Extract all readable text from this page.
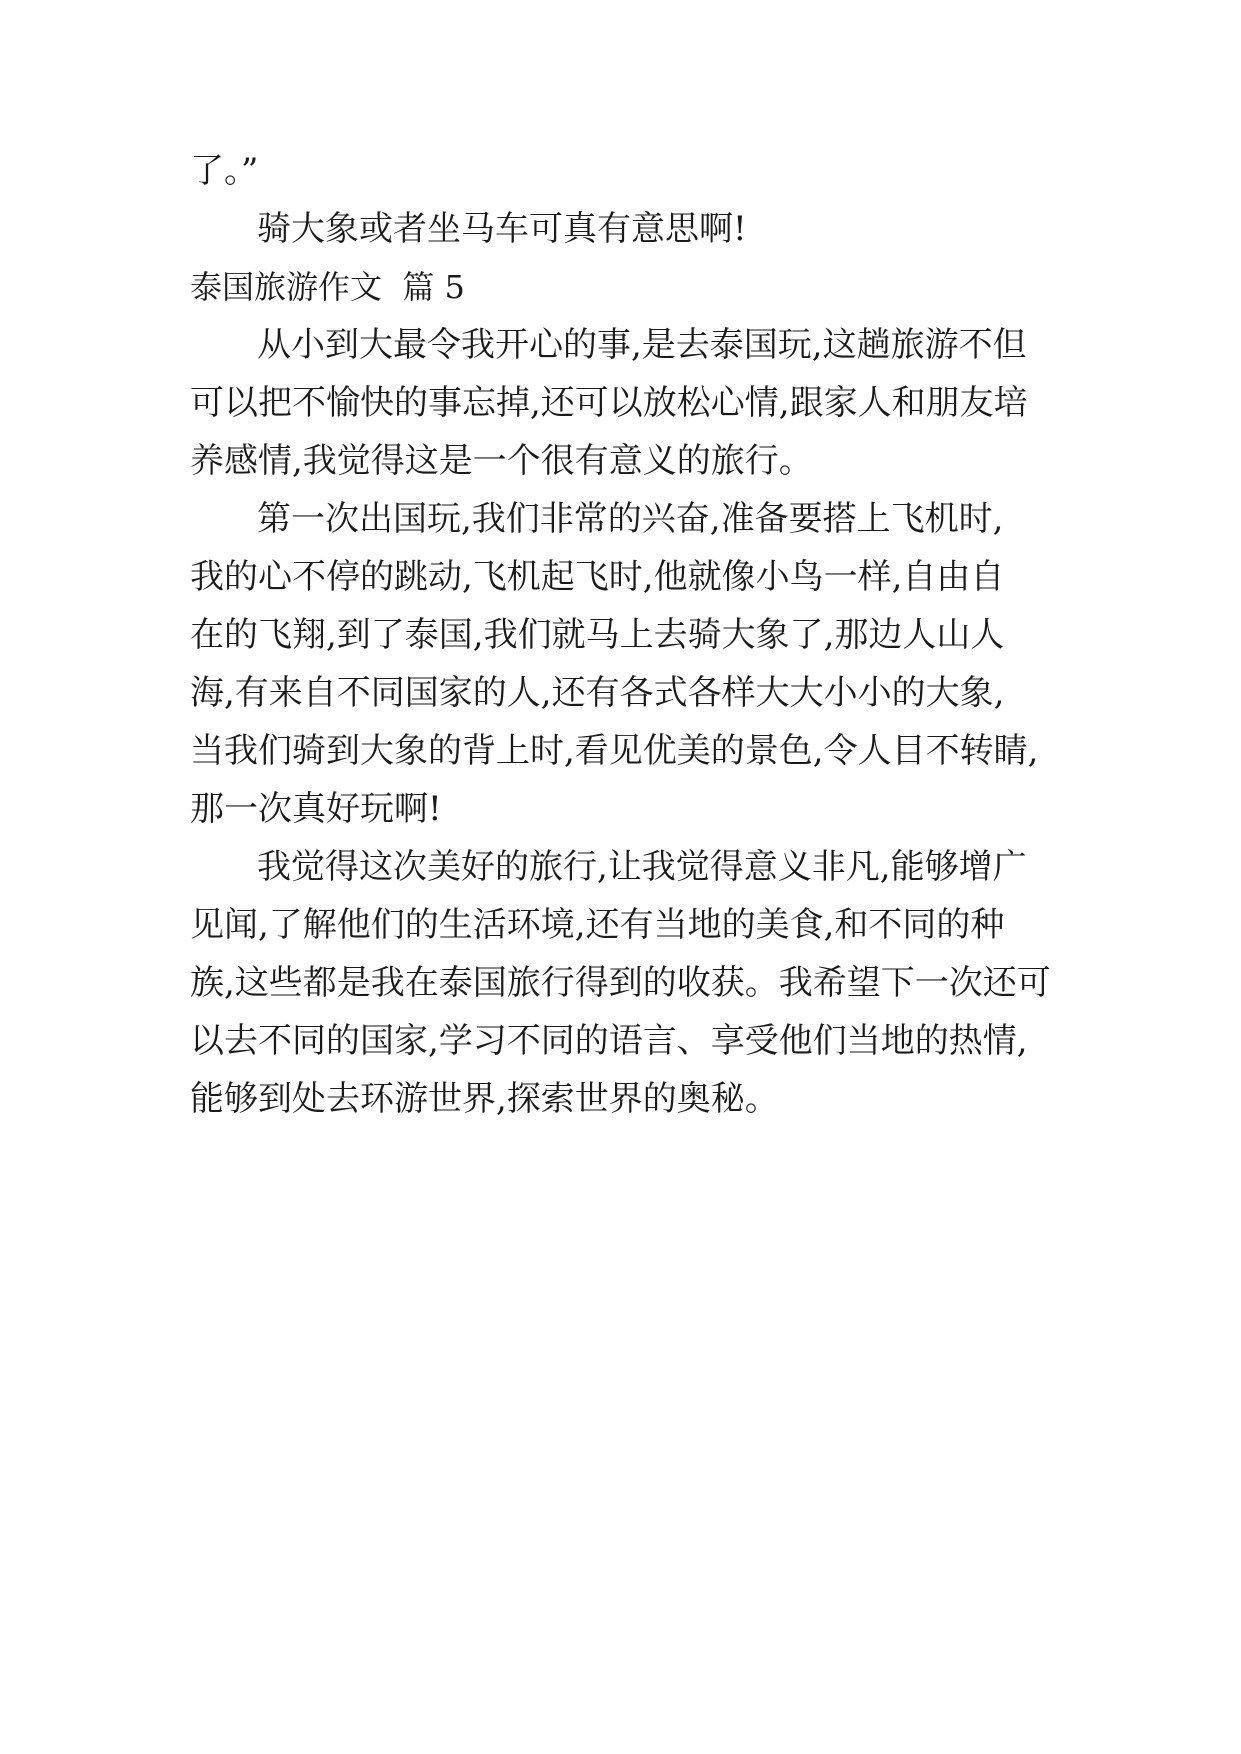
了。”
骑大象或者坐马车可真有意思啊!
泰国旅游作文  篇 5
从小到大最令我开心的事,是去泰国玩,这趟旅游不但
可以把不愉快的事忘掉,还可以放松心情,跟家人和朋友培
养感情,我觉得这是一个很有意义的旅行。
第一次出国玩,我们非常的兴奋,准备要搭上飞机时,
我的心不停的跳动,飞机起飞时,他就像小鸟一样,自由自
在的飞翔,到了泰国,我们就马上去骑大象了,那边人山人
海,有来自不同国家的人,还有各式各样大大小小的大象,
当我们骑到大象的背上时,看见优美的景色,令人目不转睛,
那一次真好玩啊!
我觉得这次美好的旅行,让我觉得意义非凡,能够增广
见闻,了解他们的生活环境,还有当地的美食,和不同的种
族,这些都是我在泰国旅行得到的收获。我希望下一次还可
以去不同的国家,学习不同的语言、享受他们当地的热情,
能够到处去环游世界,探索世界的奥秘。
